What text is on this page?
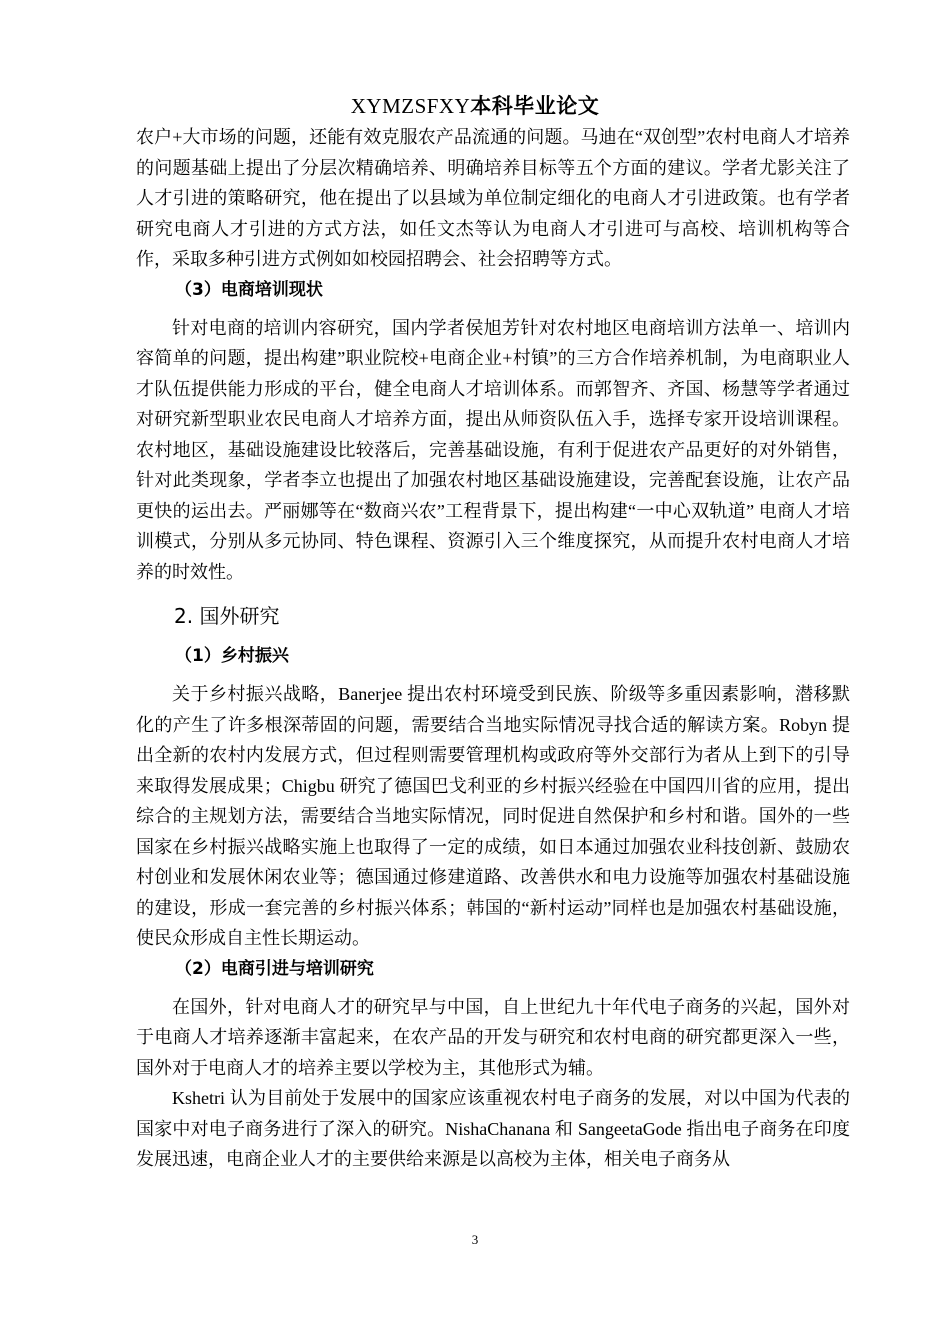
XYMZSFXY本科毕业论文

农户+大市场的问题，还能有效克服农产品流通的问题。马迪在“双创型”农村电商人才培养的问题基础上提出了分层次精确培养、明确培养目标等五个方面的建议。学者尤影关注了人才引进的策略研究，他在提出了以县域为单位制定细化的电商人才引进政策。也有学者研究电商人才引进的方式方法，如任文杰等认为电商人才引进可与高校、培训机构等合作，采取多种引进方式例如如校园招聘会、社会招聘等方式。

（3）电商培训现状

针对电商的培训内容研究，国内学者侯旭芳针对农村地区电商培训方法单一、培训内容简单的问题，提出构建”职业院校+电商企业+村镇”的三方合作培养机制，为电商职业人才队伍提供能力形成的平台，健全电商人才培训体系。而郭智齐、齐国、杨慧等学者通过对研究新型职业农民电商人才培养方面，提出从师资队伍入手，选择专家开设培训课程。农村地区，基础设施建设比较落后，完善基础设施，有利于促进农产品更好的对外销售，针对此类现象，学者李立也提出了加强农村地区基础设施建设，完善配套设施，让农产品更快的运出去。严丽娜等在“数商兴农”工程背景下，提出构建“一中心双轨道” 电商人才培训模式，分别从多元协同、特色课程、资源引入三个维度探究，从而提升农村电商人才培养的时效性。

2. 国外研究

（1）乡村振兴

关于乡村振兴战略，Banerjee 提出农村环境受到民族、阶级等多重因素影响，潜移默化的产生了许多根深蒂固的问题，需要结合当地实际情况寻找合适的解读方案。Robyn 提出全新的农村内发展方式，但过程则需要管理机构或政府等外交部行为者从上到下的引导来取得发展成果；Chigbu 研究了德国巴戈利亚的乡村振兴经验在中国四川省的应用，提出综合的主规划方法，需要结合当地实际情况，同时促进自然保护和乡村和谐。国外的一些国家在乡村振兴战略实施上也取得了一定的成绩，如日本通过加强农业科技创新、鼓励农村创业和发展休闲农业等；德国通过修建道路、改善供水和电力设施等加强农村基础设施的建设，形成一套完善的乡村振兴体系；韩国的“新村运动”同样也是加强农村基础设施，使民众形成自主性长期运动。

（2）电商引进与培训研究

在国外，针对电商人才的研究早与中国，自上世纪九十年代电子商务的兴起，国外对于电商人才培养逐渐丰富起来，在农产品的开发与研究和农村电商的研究都更深入一些，国外对于电商人才的培养主要以学校为主，其他形式为辅。

Kshetri 认为目前处于发展中的国家应该重视农村电子商务的发展，对以中国为代表的国家中对电子商务进行了深入的研究。NishaChanana 和 SangeetaGode 指出电子商务在印度发展迅速，电商企业人才的主要供给来源是以高校为主体，相关电子商务从

3
